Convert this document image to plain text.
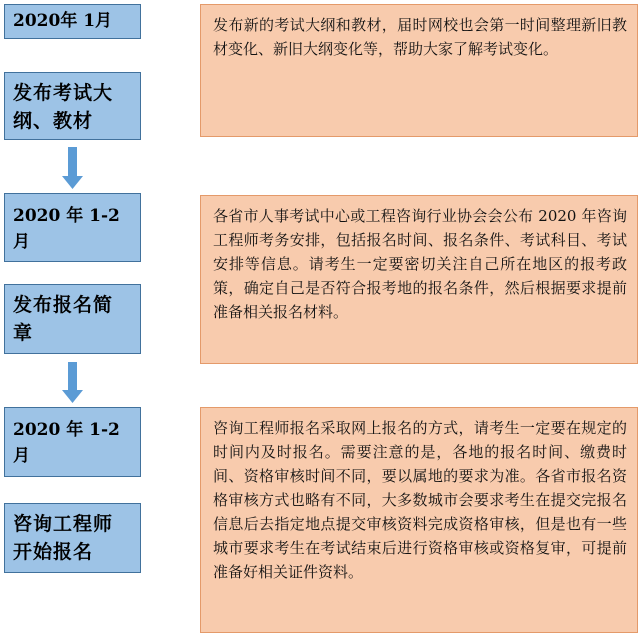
2020年 1月
发布考试大纲、教材
发布新的考试大纲和教材，届时网校也会第一时间整理新旧教材变化、新旧大纲变化等，帮助大家了解考试变化。
2020 年 1-2 月
发布报名简章
各省市人事考试中心或工程咨询行业协会会公布 2020 年咨询工程师考务安排，包括报名时间、报名条件、考试科目、考试安排等信息。请考生一定要密切关注自己所在地区的报考政策，确定自己是否符合报考地的报名条件，然后根据要求提前准备相关报名材料。
2020 年 1-2 月
咨询工程师开始报名
咨询工程师报名采取网上报名的方式，请考生一定要在规定的时间内及时报名。需要注意的是，各地的报名时间、缴费时间、资格审核时间不同，要以属地的要求为准。各省市报名资格审核方式也略有不同，大多数城市会要求考生在提交完报名信息后去指定地点提交审核资料完成资格审核，但是也有一些城市要求考生在考试结束后进行资格审核或资格复审，可提前准备好相关证件资料。
